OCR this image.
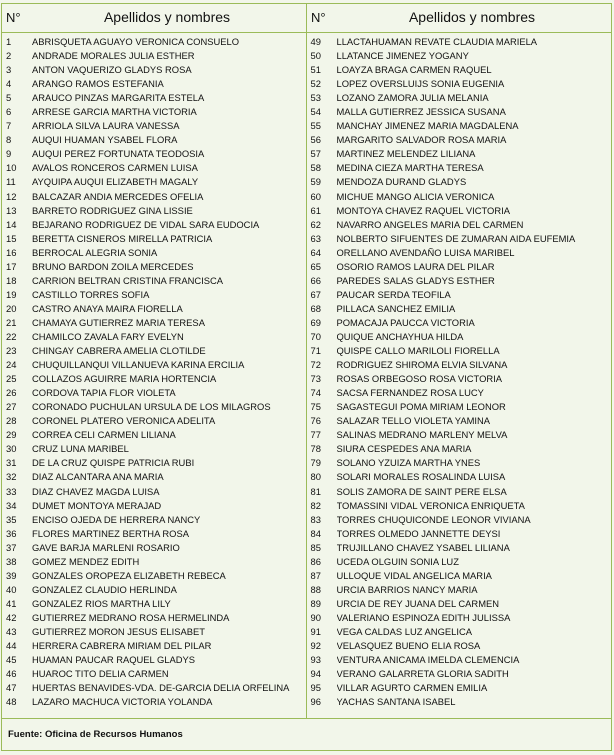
N°	Apellidos y nombres	N°	Apellidos y nombres
1	ABRISQUETA AGUAYO VERONICA CONSUELO
2	ANDRADE MORALES JULIA ESTHER
3	ANTON VAQUERIZO GLADYS ROSA
4	ARANGO RAMOS ESTEFANIA
5	ARAUCO PINZAS MARGARITA ESTELA
6	ARRESE GARCIA MARTHA VICTORIA
7	ARRIOLA SILVA LAURA VANESSA
8	AUQUI HUAMAN YSABEL FLORA
9	AUQUI PEREZ FORTUNATA TEODOSIA
10	AVALOS RONCEROS CARMEN LUISA
11	AYQUIPA AUQUI ELIZABETH MAGALY
12	BALCAZAR ANDIA MERCEDES OFELIA
13	BARRETO RODRIGUEZ GINA LISSIE
14	BEJARANO RODRIGUEZ DE VIDAL SARA EUDOCIA
15	BERETTA CISNEROS MIRELLA PATRICIA
16	BERROCAL ALEGRIA SONIA
17	BRUNO BARDON ZOILA MERCEDES
18	CARRION BELTRAN CRISTINA FRANCISCA
19	CASTILLO TORRES SOFIA
20	CASTRO ANAYA MAIRA FIORELLA
21	CHAMAYA GUTIERREZ MARIA TERESA
22	CHAMILCO ZAVALA FARY EVELYN
23	CHINGAY CABRERA AMELIA CLOTILDE
24	CHUQUILLANQUI VILLANUEVA KARINA ERCILIA
25	COLLAZOS AGUIRRE MARIA HORTENCIA
26	CORDOVA TAPIA FLOR VIOLETA
27	CORONADO PUCHULAN URSULA DE LOS MILAGROS
28	CORONEL PLATERO VERONICA ADELITA
29	CORREA CELI CARMEN LILIANA
30	CRUZ LUNA MARIBEL
31	DE LA CRUZ QUISPE PATRICIA RUBI
32	DIAZ ALCANTARA ANA MARIA
33	DIAZ CHAVEZ MAGDA LUISA
34	DUMET MONTOYA MERAJAD
35	ENCISO OJEDA DE HERRERA NANCY
36	FLORES MARTINEZ BERTHA ROSA
37	GAVE BARJA MARLENI ROSARIO
38	GOMEZ MENDEZ EDITH
39	GONZALES OROPEZA ELIZABETH REBECA
40	GONZALEZ CLAUDIO HERLINDA
41	GONZALEZ RIOS MARTHA LILY
42	GUTIERREZ MEDRANO ROSA HERMELINDA
43	GUTIERREZ MORON JESUS ELISABET
44	HERRERA CABRERA MIRIAM DEL PILAR
45	HUAMAN PAUCAR RAQUEL GLADYS
46	HUAROC TITO DELIA CARMEN
47	HUERTAS BENAVIDES-VDA. DE-GARCIA DELIA ORFELINA
48	LAZARO MACHUCA VICTORIA YOLANDA
49	LLACTAHUAMAN REVATE CLAUDIA MARIELA
50	LLATANCE JIMENEZ YOGANY
51	LOAYZA BRAGA CARMEN RAQUEL
52	LOPEZ OVERSLUIJS SONIA EUGENIA
53	LOZANO ZAMORA JULIA MELANIA
54	MALLA GUTIERREZ JESSICA SUSANA
55	MANCHAY JIMENEZ MARIA MAGDALENA
56	MARGARITO SALVADOR ROSA MARIA
57	MARTINEZ MELENDEZ LILIANA
58	MEDINA CIEZA MARTHA TERESA
59	MENDOZA DURAND GLADYS
60	MICHUE MANGO ALICIA VERONICA
61	MONTOYA CHAVEZ RAQUEL VICTORIA
62	NAVARRO ANGELES MARIA DEL CARMEN
63	NOLBERTO SIFUENTES DE ZUMARAN AIDA EUFEMIA
64	ORELLANO AVENDAÑO LUISA MARIBEL
65	OSORIO RAMOS LAURA DEL PILAR
66	PAREDES SALAS GLADYS ESTHER
67	PAUCAR SERDA TEOFILA
68	PILLACA SANCHEZ EMILIA
69	POMACAJA PAUCCA VICTORIA
70	QUIQUE ANCHAYHUA HILDA
71	QUISPE CALLO MARILOLI FIORELLA
72	RODRIGUEZ SHIROMA ELVIA SILVANA
73	ROSAS ORBEGOSO ROSA VICTORIA
74	SACSA FERNANDEZ ROSA LUCY
75	SAGASTEGUI POMA MIRIAM LEONOR
76	SALAZAR TELLO VIOLETA YAMINA
77	SALINAS MEDRANO MARLENY MELVA
78	SIURA CESPEDES ANA MARIA
79	SOLANO YZUIZA MARTHA YNES
80	SOLARI MORALES ROSALINDA LUISA
81	SOLIS ZAMORA DE SAINT PERE ELSA
82	TOMASSINI VIDAL VERONICA ENRIQUETA
83	TORRES CHUQUICONDE LEONOR VIVIANA
84	TORRES OLMEDO JANNETTE DEYSI
85	TRUJILLANO CHAVEZ YSABEL LILIANA
86	UCEDA OLGUIN SONIA LUZ
87	ULLOQUE VIDAL ANGELICA MARIA
88	URCIA BARRIOS NANCY MARIA
89	URCIA DE REY JUANA DEL CARMEN
90	VALERIANO ESPINOZA EDITH JULISSA
91	VEGA CALDAS LUZ ANGELICA
92	VELASQUEZ BUENO ELIA ROSA
93	VENTURA ANICAMA IMELDA CLEMENCIA
94	VERANO GALARRETA GLORIA SADITH
95	VILLAR AGURTO CARMEN EMILIA
96	YACHAS SANTANA ISABEL
Fuente: Oficina de Recursos Humanos
